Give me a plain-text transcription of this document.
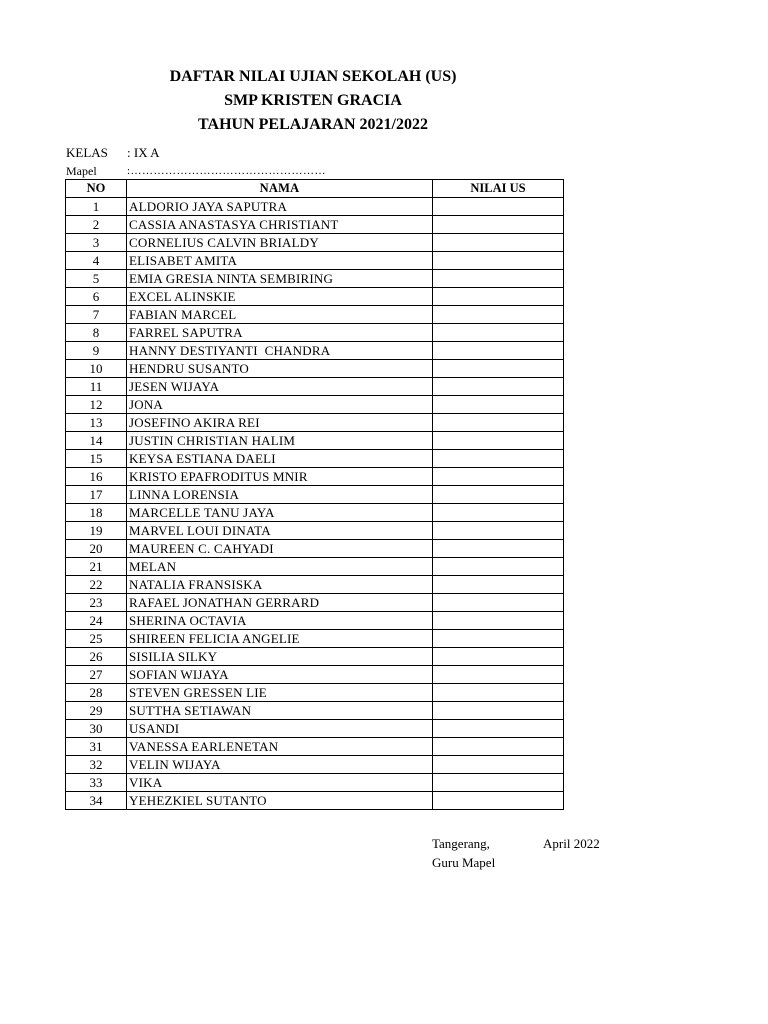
DAFTAR NILAI UJIAN SEKOLAH (US)
SMP KRISTEN GRACIA
TAHUN PELAJARAN 2021/2022
KELAS : IX A
Mapel	:……………………………………………
NO	NAMA	NILAI US
1	ALDORIO JAYA SAPUTRA	
2	CASSIA ANASTASYA CHRISTIANT	
3	CORNELIUS CALVIN BRIALDY	
4	ELISABET AMITA	
5	EMIA GRESIA NINTA SEMBIRING	
6	EXCEL ALINSKIE	
7	FABIAN MARCEL	
8	FARREL SAPUTRA	
9	HANNY DESTIYANTI  CHANDRA	
10	HENDRU SUSANTO	
11	JESEN WIJAYA	
12	JONA	
13	JOSEFINO AKIRA REI	
14	JUSTIN CHRISTIAN HALIM	
15	KEYSA ESTIANA DAELI	
16	KRISTO EPAFRODITUS MNIR	
17	LINNA LORENSIA	
18	MARCELLE TANU JAYA	
19	MARVEL LOUI DINATA	
20	MAUREEN C. CAHYADI	
21	MELAN	
22	NATALIA FRANSISKA	
23	RAFAEL JONATHAN GERRARD	
24	SHERINA OCTAVIA	
25	SHIREEN FELICIA ANGELIE	
26	SISILIA SILKY	
27	SOFIAN WIJAYA	
28	STEVEN GRESSEN LIE	
29	SUTTHA SETIAWAN	
30	USANDI	
31	VANESSA EARLENETAN	
32	VELIN WIJAYA	
33	VIKA	
34	YEHEZKIEL SUTANTO	
Tangerang,	April 2022
Guru Mapel
